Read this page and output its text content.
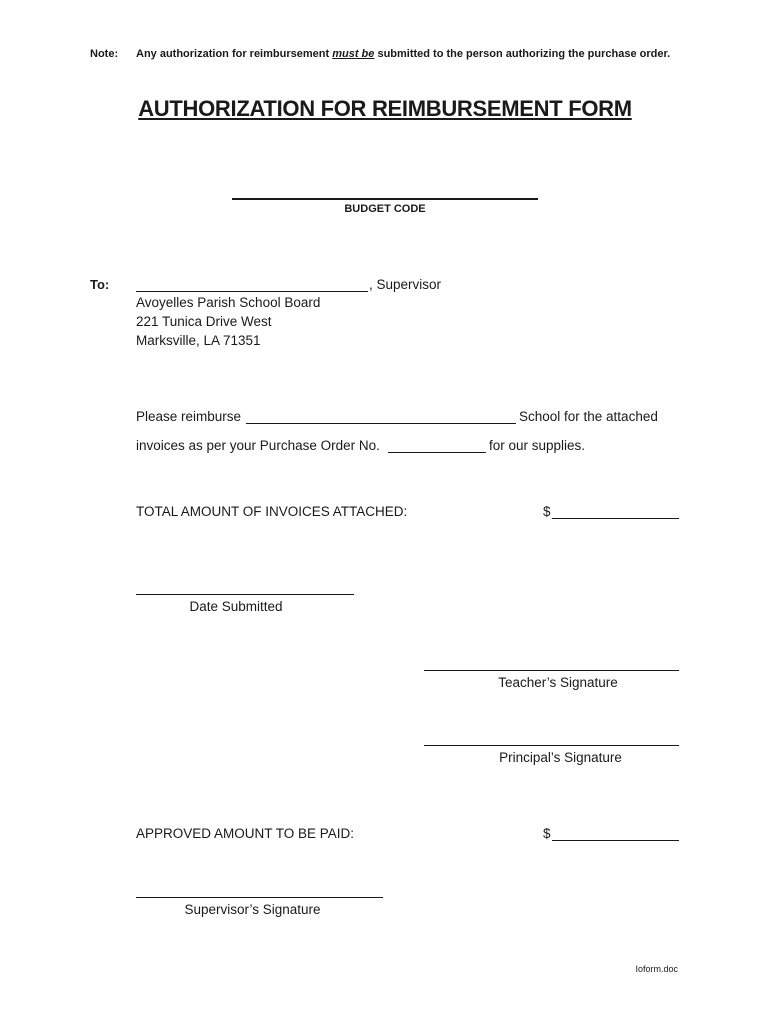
Note: Any authorization for reimbursement must be submitted to the person authorizing the purchase order.
AUTHORIZATION FOR REIMBURSEMENT FORM
BUDGET CODE
To:	, Supervisor
Avoyelles Parish School Board
221 Tunica Drive West
Marksville, LA 71351
Please reimburse	School for the attached
invoices as per your Purchase Order No.	for our supplies.
TOTAL AMOUNT OF INVOICES ATTACHED:	$
Date Submitted
Teacher’s Signature
Principal’s Signature
APPROVED AMOUNT TO BE PAID:	$
Supervisor’s Signature
Ioform.doc
